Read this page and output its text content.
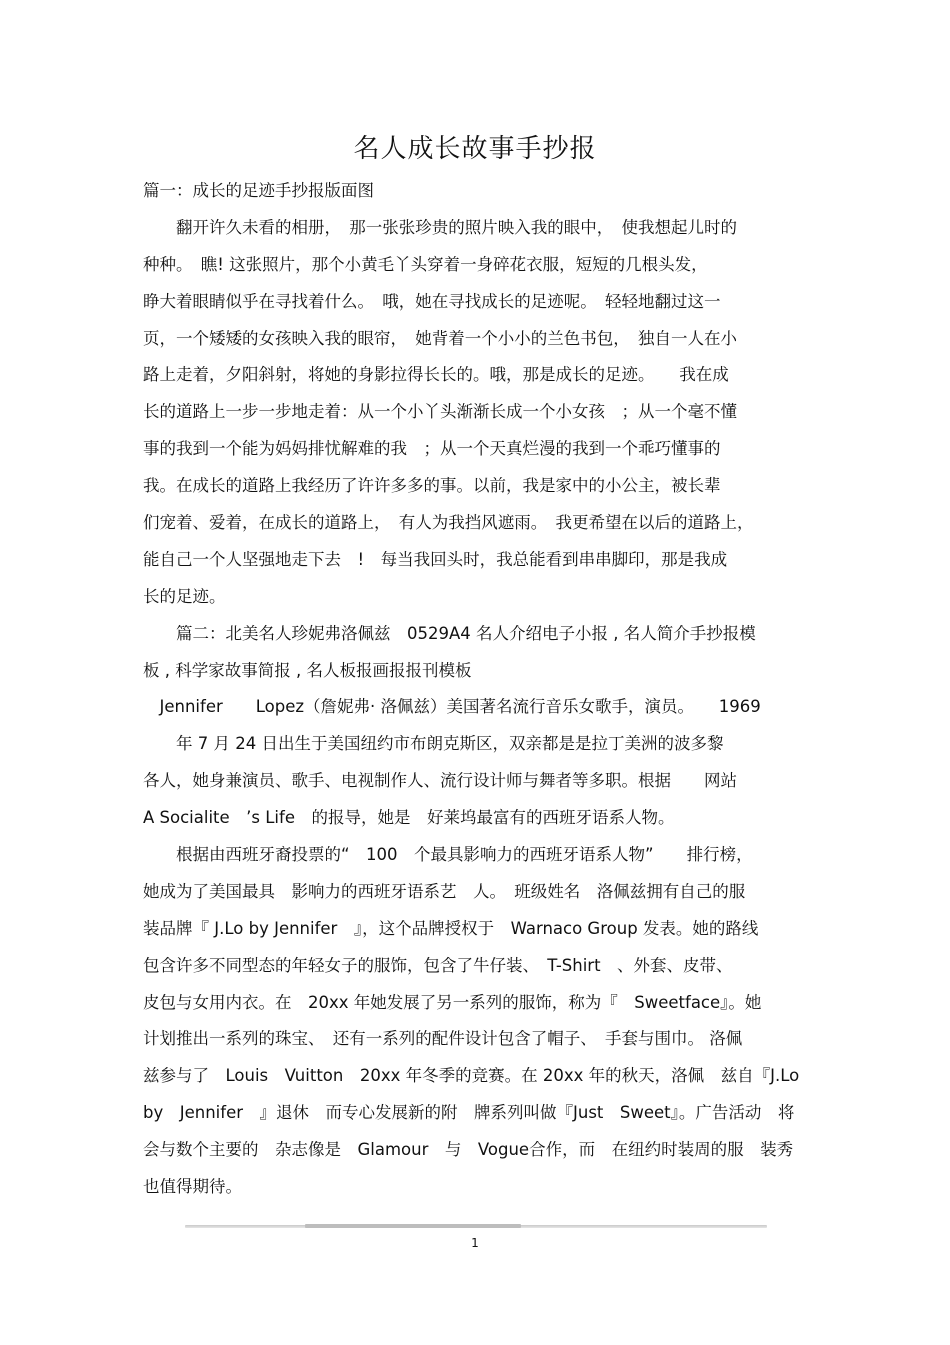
名人成长故事手抄报
篇一：成长的足迹手抄报版面图
　　翻开许久未看的相册，　那一张张珍贵的照片映入我的眼中，　使我想起儿时的
种种。　瞧! 这张照片，那个小黄毛丫头穿着一身碎花衣服，短短的几根头发，
睁大着眼睛似乎在寻找着什么。　哦，她在寻找成长的足迹呢。　轻轻地翻过这一
页，一个矮矮的女孩映入我的眼帘，　她背着一个小小的兰色书包，　独自一人在小
路上走着，夕阳斜射，将她的身影拉得长长的。哦，那是成长的足迹。　　我在成
长的道路上一步一步地走着：从一个小丫头渐渐长成一个小女孩　；从一个毫不懂
事的我到一个能为妈妈排忧解难的我　；从一个天真烂漫的我到一个乖巧懂事的
我。在成长的道路上我经历了许许多多的事。以前，我是家中的小公主，被长辈
们宠着、爱着，在成长的道路上，　有人为我挡风遮雨。　我更希望在以后的道路上，
能自己一个人坚强地走下去　!　每当我回头时，我总能看到串串脚印，那是我成
长的足迹。
　　篇二：北美名人珍妮弗洛佩兹　0529A4 名人介绍电子小报 , 名人简介手抄报模
板 , 科学家故事简报 , 名人板报画报报刊模板
　Jennifer　　Lopez（詹妮弗· 洛佩兹）美国著名流行音乐女歌手，演员。　　1969
　　年 7 月 24 日出生于美国纽约市布朗克斯区，双亲都是是拉丁美洲的波多黎
各人，她身兼演员、歌手、电视制作人、流行设计师与舞者等多职。根据　　网站
A Socialite　’s Life　的报导，她是　好莱坞最富有的西班牙语系人物。
　　根据由西班牙裔投票的“　100　个最具影响力的西班牙语系人物”　　排行榜，
她成为了美国最具　影响力的西班牙语系艺　人。　班级姓名　洛佩兹拥有自己的服
装品牌『 J.Lo by Jennifer　』，这个品牌授权于　Warnaco Group 发表。她的路线
包含许多不同型态的年轻女子的服饰，包含了牛仔装、　T-Shirt　、外套、皮带、
皮包与女用内衣。在　20xx 年她发展了另一系列的服饰，称为『　Sweetface』。她
计划推出一系列的珠宝、　还有一系列的配件设计包含了帽子、　手套与围巾。 洛佩
兹参与了　Louis　Vuitton　20xx 年冬季的竞赛。在 20xx 年的秋天，洛佩　兹自『J.Lo
by　Jennifer　』退休　而专心发展新的附　牌系列叫做『Just　Sweet』。广告活动　将
会与数个主要的　杂志像是　Glamour　与　Vogue合作，而　在纽约时装周的服　装秀
也值得期待。
1
